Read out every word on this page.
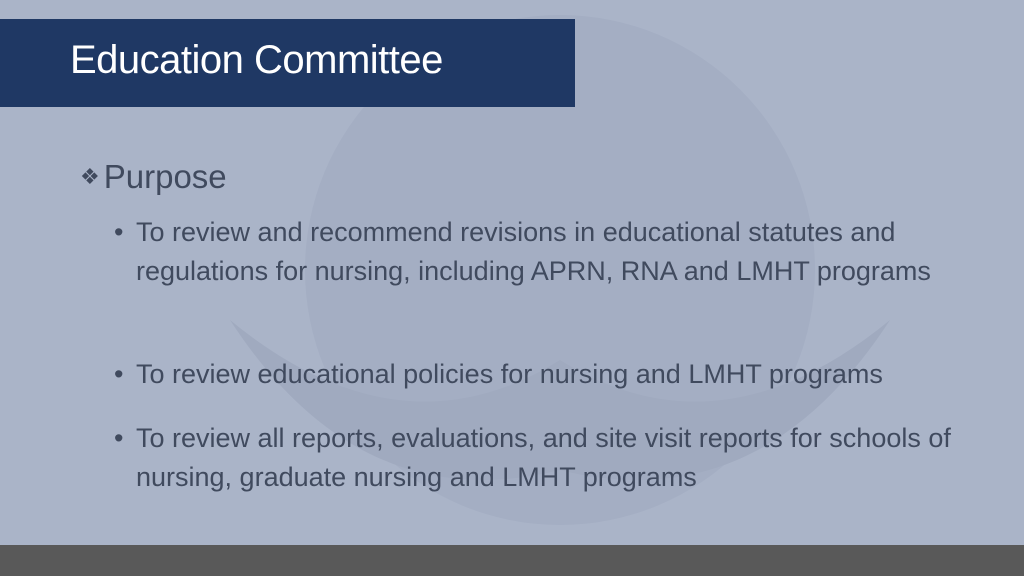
Education Committee
❖ Purpose
• To review and recommend revisions in educational statutes and regulations for nursing, including APRN, RNA and LMHT programs
• To review educational policies for nursing and LMHT programs
• To review all reports, evaluations, and site visit reports for schools of nursing, graduate nursing and LMHT programs
